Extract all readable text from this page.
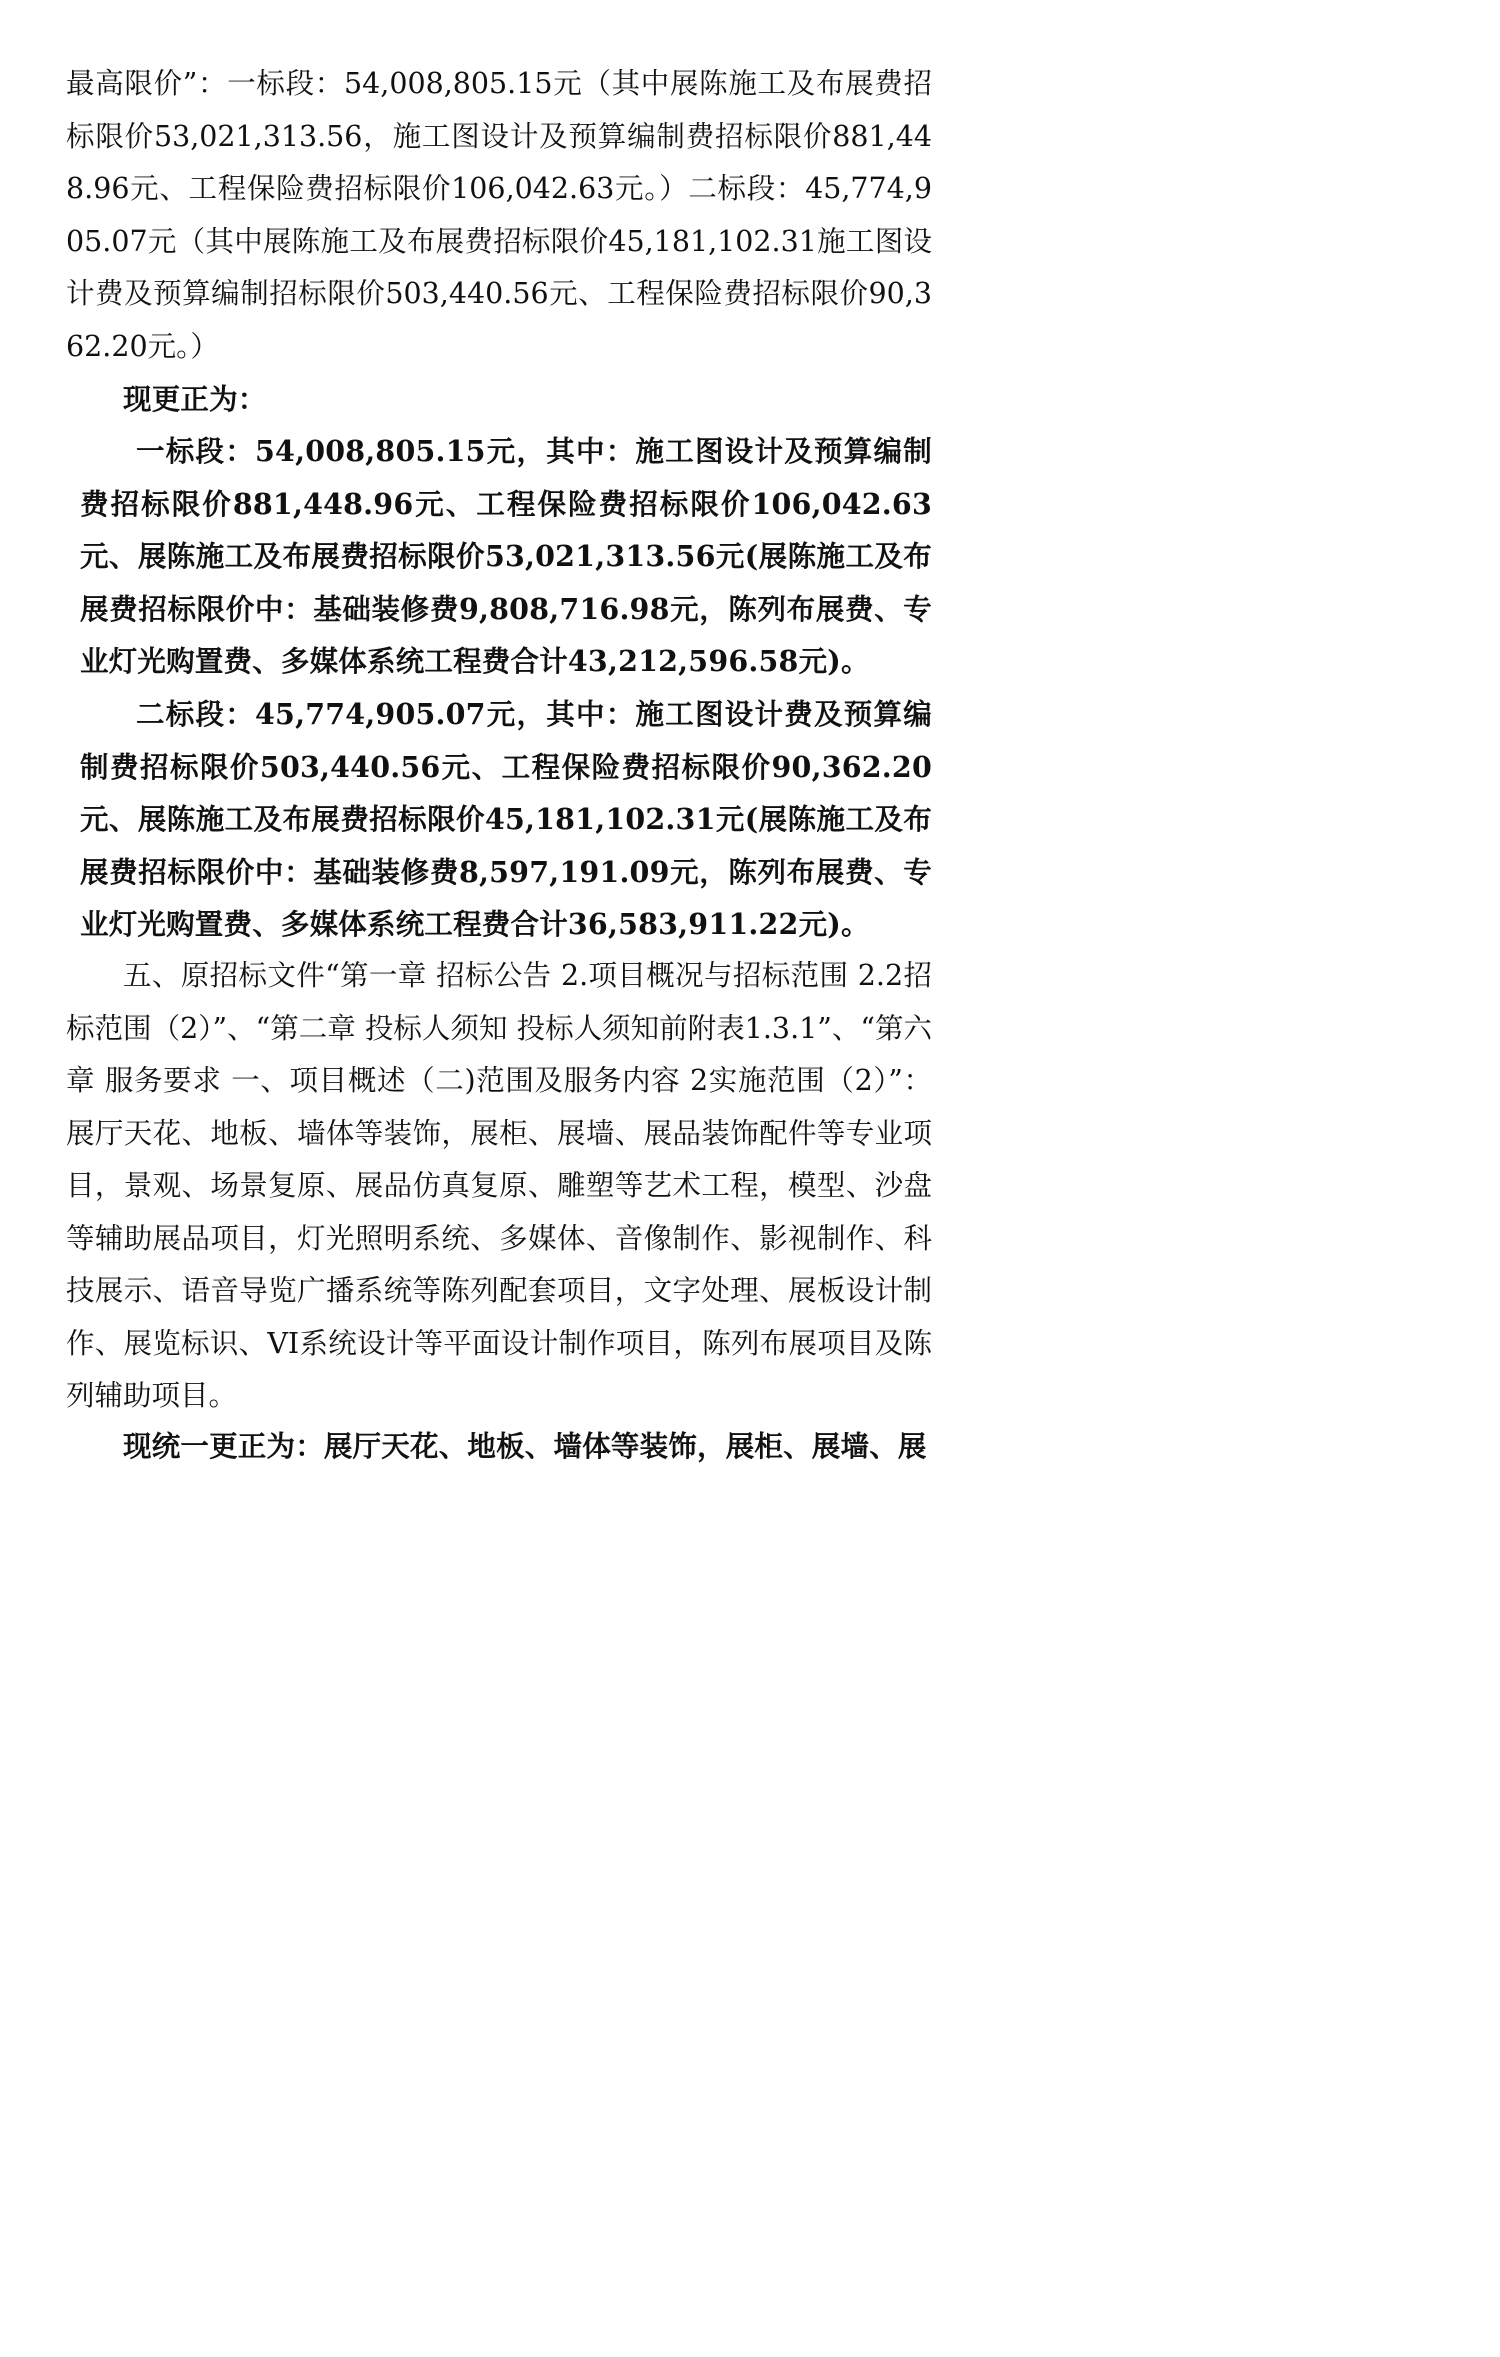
最高限价”：一标段：54,008,805.15元（其中展陈施工及布展费招标限价53,021,313.56，施工图设计及预算编制费招标限价881,448.96元、工程保险费招标限价106,042.63元。）二标段：45,774,905.07元（其中展陈施工及布展费招标限价45,181,102.31施工图设计费及预算编制招标限价503,440.56元、工程保险费招标限价90,362.20元。）

现更正为：

一标段：54,008,805.15元，其中：施工图设计及预算编制费招标限价881,448.96元、工程保险费招标限价106,042.63元、展陈施工及布展费招标限价53,021,313.56元(展陈施工及布展费招标限价中：基础装修费9,808,716.98元，陈列布展费、专业灯光购置费、多媒体系统工程费合计43,212,596.58元)。

二标段：45,774,905.07元，其中：施工图设计费及预算编制费招标限价503,440.56元、工程保险费招标限价90,362.20元、展陈施工及布展费招标限价45,181,102.31元(展陈施工及布展费招标限价中：基础装修费8,597,191.09元，陈列布展费、专业灯光购置费、多媒体系统工程费合计36,583,911.22元)。

五、原招标文件“第一章 招标公告 2.项目概况与招标范围 2.2招标范围（2）”、“第二章 投标人须知 投标人须知前附表1.3.1”、“第六章 服务要求 一、项目概述（二)范围及服务内容 2实施范围（2）”：展厅天花、地板、墙体等装饰，展柜、展墙、展品装饰配件等专业项目，景观、场景复原、展品仿真复原、雕塑等艺术工程，模型、沙盘等辅助展品项目，灯光照明系统、多媒体、音像制作、影视制作、科技展示、语音导览广播系统等陈列配套项目，文字处理、展板设计制作、展览标识、VI系统设计等平面设计制作项目，陈列布展项目及陈列辅助项目。

现统一更正为：展厅天花、地板、墙体等装饰，展柜、展墙、展
